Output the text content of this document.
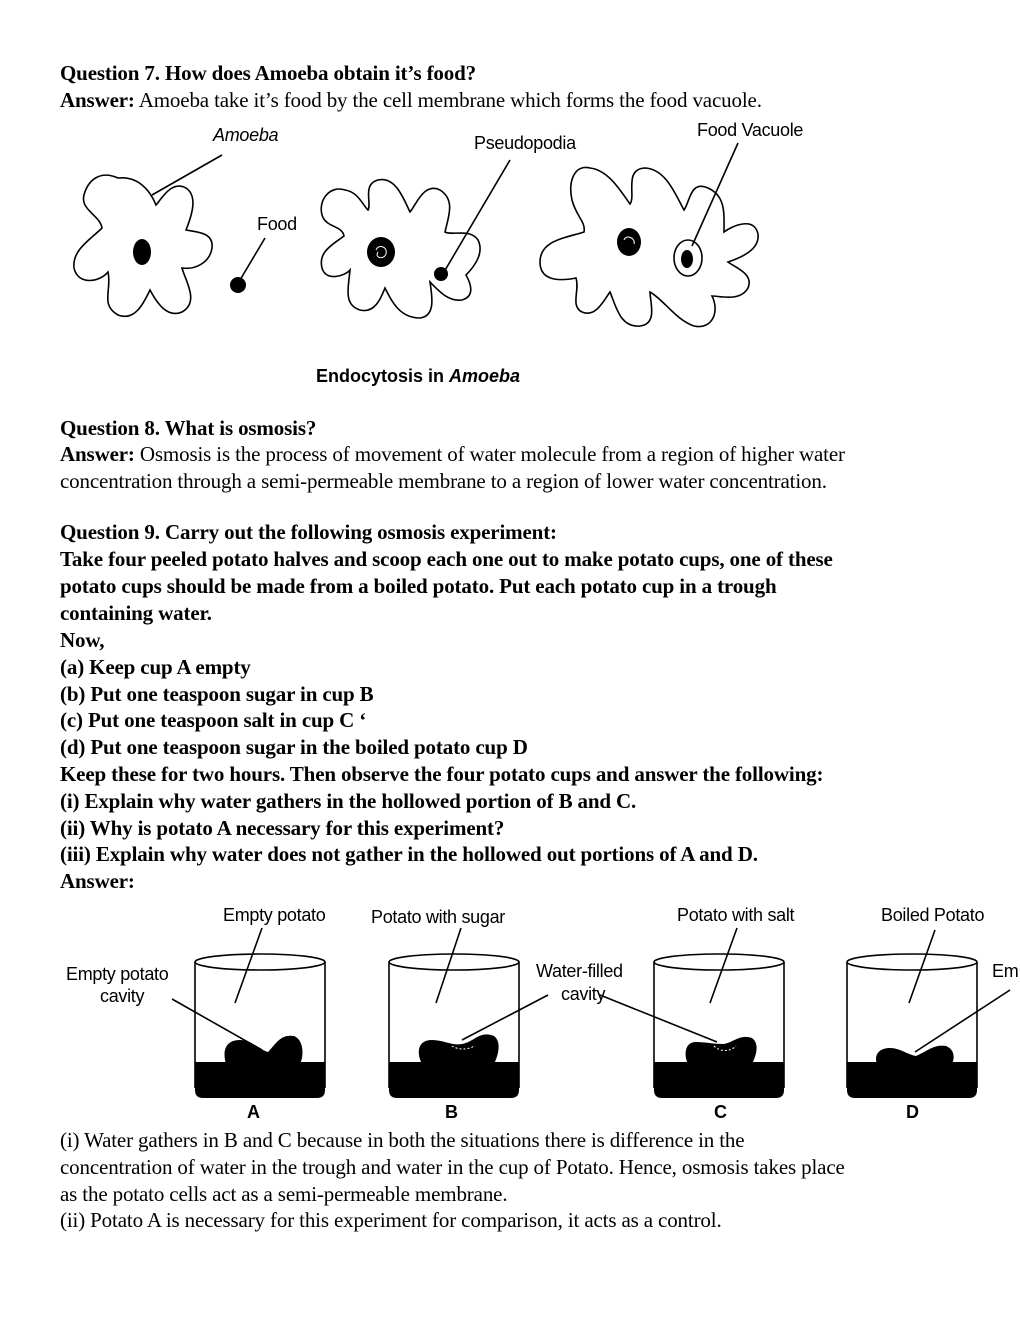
Question 7. How does Amoeba obtain it’s food?
Answer: Amoeba take it’s food by the cell membrane which forms the food vacuole.
Amoeba
Food
Pseudopodia
Food Vacuole
Endocytosis in Amoeba
Question 8. What is osmosis?
Answer: Osmosis is the process of movement of water molecule from a region of higher water
concentration through a semi-permeable membrane to a region of lower water concentration.
Question 9. Carry out the following osmosis experiment:
Take four peeled potato halves and scoop each one out to make potato cups, one of these
potato cups should be made from a boiled potato. Put each potato cup in a trough
containing water.
Now,
(a) Keep cup A empty
(b) Put one teaspoon sugar in cup B
(c) Put one teaspoon salt in cup C ‘
(d) Put one teaspoon sugar in the boiled potato cup D
Keep these for two hours. Then observe the four potato cups and answer the following:
(i) Explain why water gathers in the hollowed portion of B and C.
(ii) Why is potato A necessary for this experiment?
(iii) Explain why water does not gather in the hollowed out portions of A and D.
Answer:
Empty potato
Empty potato
cavity
A
Potato with sugar
Water-filled
cavity
B
Potato with salt
C
Boiled Potato
Em
D
(i) Water gathers in B and C because in both the situations there is difference in the
concentration of water in the trough and water in the cup of Potato. Hence, osmosis takes place
as the potato cells act as a semi-permeable membrane.
(ii) Potato A is necessary for this experiment for comparison, it acts as a control.
